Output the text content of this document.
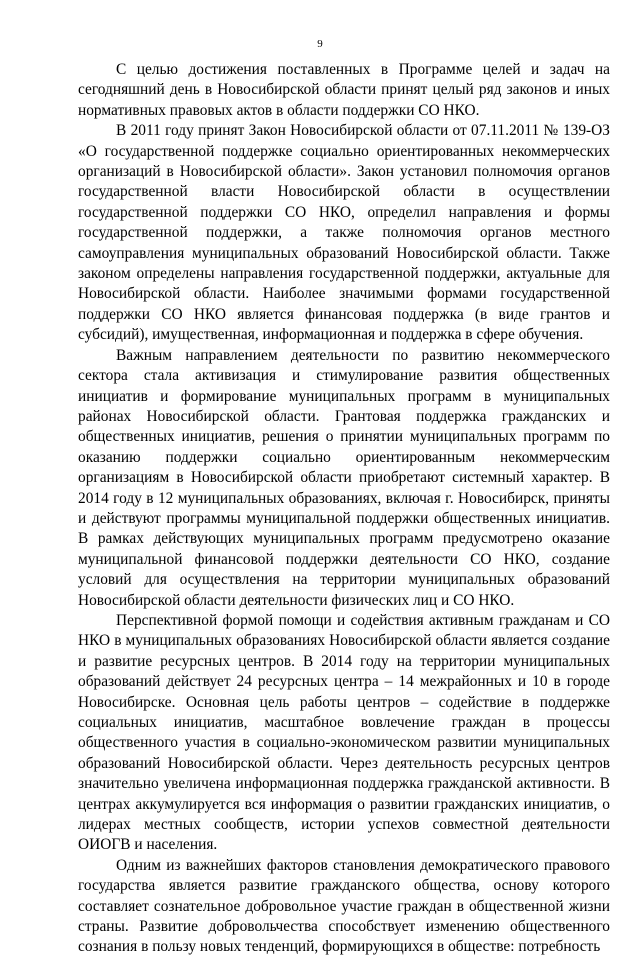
9

С целью достижения поставленных в Программе целей и задач на сегодняшний день в Новосибирской области принят целый ряд законов и иных нормативных правовых актов в области поддержки СО НКО.

В 2011 году принят Закон Новосибирской области от 07.11.2011 № 139-ОЗ «О государственной поддержке социально ориентированных некоммерческих организаций в Новосибирской области». Закон установил полномочия органов государственной власти Новосибирской области в осуществлении государственной поддержки СО НКО, определил направления и формы государственной поддержки, а также полномочия органов местного самоуправления муниципальных образований Новосибирской области. Также законом определены направления государственной поддержки, актуальные для Новосибирской области. Наиболее значимыми формами государственной поддержки СО НКО является финансовая поддержка (в виде грантов и субсидий), имущественная, информационная и поддержка в сфере обучения.

Важным направлением деятельности по развитию некоммерческого сектора стала активизация и стимулирование развития общественных инициатив и формирование муниципальных программ в муниципальных районах Новосибирской области. Грантовая поддержка гражданских и общественных инициатив, решения о принятии муниципальных программ по оказанию поддержки социально ориентированным некоммерческим организациям в Новосибирской области приобретают системный характер. В 2014 году в 12 муниципальных образованиях, включая г. Новосибирск, приняты и действуют программы муниципальной поддержки общественных инициатив. В рамках действующих муниципальных программ предусмотрено оказание муниципальной финансовой поддержки деятельности СО НКО, создание условий для осуществления на территории муниципальных образований Новосибирской области деятельности физических лиц и СО НКО.

Перспективной формой помощи и содействия активным гражданам и СО НКО в муниципальных образованиях Новосибирской области является создание и развитие ресурсных центров. В 2014 году на территории муниципальных образований действует 24 ресурсных центра – 14 межрайонных и 10 в городе Новосибирске. Основная цель работы центров – содействие в поддержке социальных инициатив, масштабное вовлечение граждан в процессы общественного участия в социально-экономическом развитии муниципальных образований Новосибирской области. Через деятельность ресурсных центров значительно увеличена информационная поддержка гражданской активности. В центрах аккумулируется вся информация о развитии гражданских инициатив, о лидерах местных сообществ, истории успехов совместной деятельности ОИОГВ и населения.

Одним из важнейших факторов становления демократического правового государства является развитие гражданского общества, основу которого составляет сознательное добровольное участие граждан в общественной жизни страны. Развитие добровольчества способствует изменению общественного сознания в пользу новых тенденций, формирующихся в обществе: потребность
